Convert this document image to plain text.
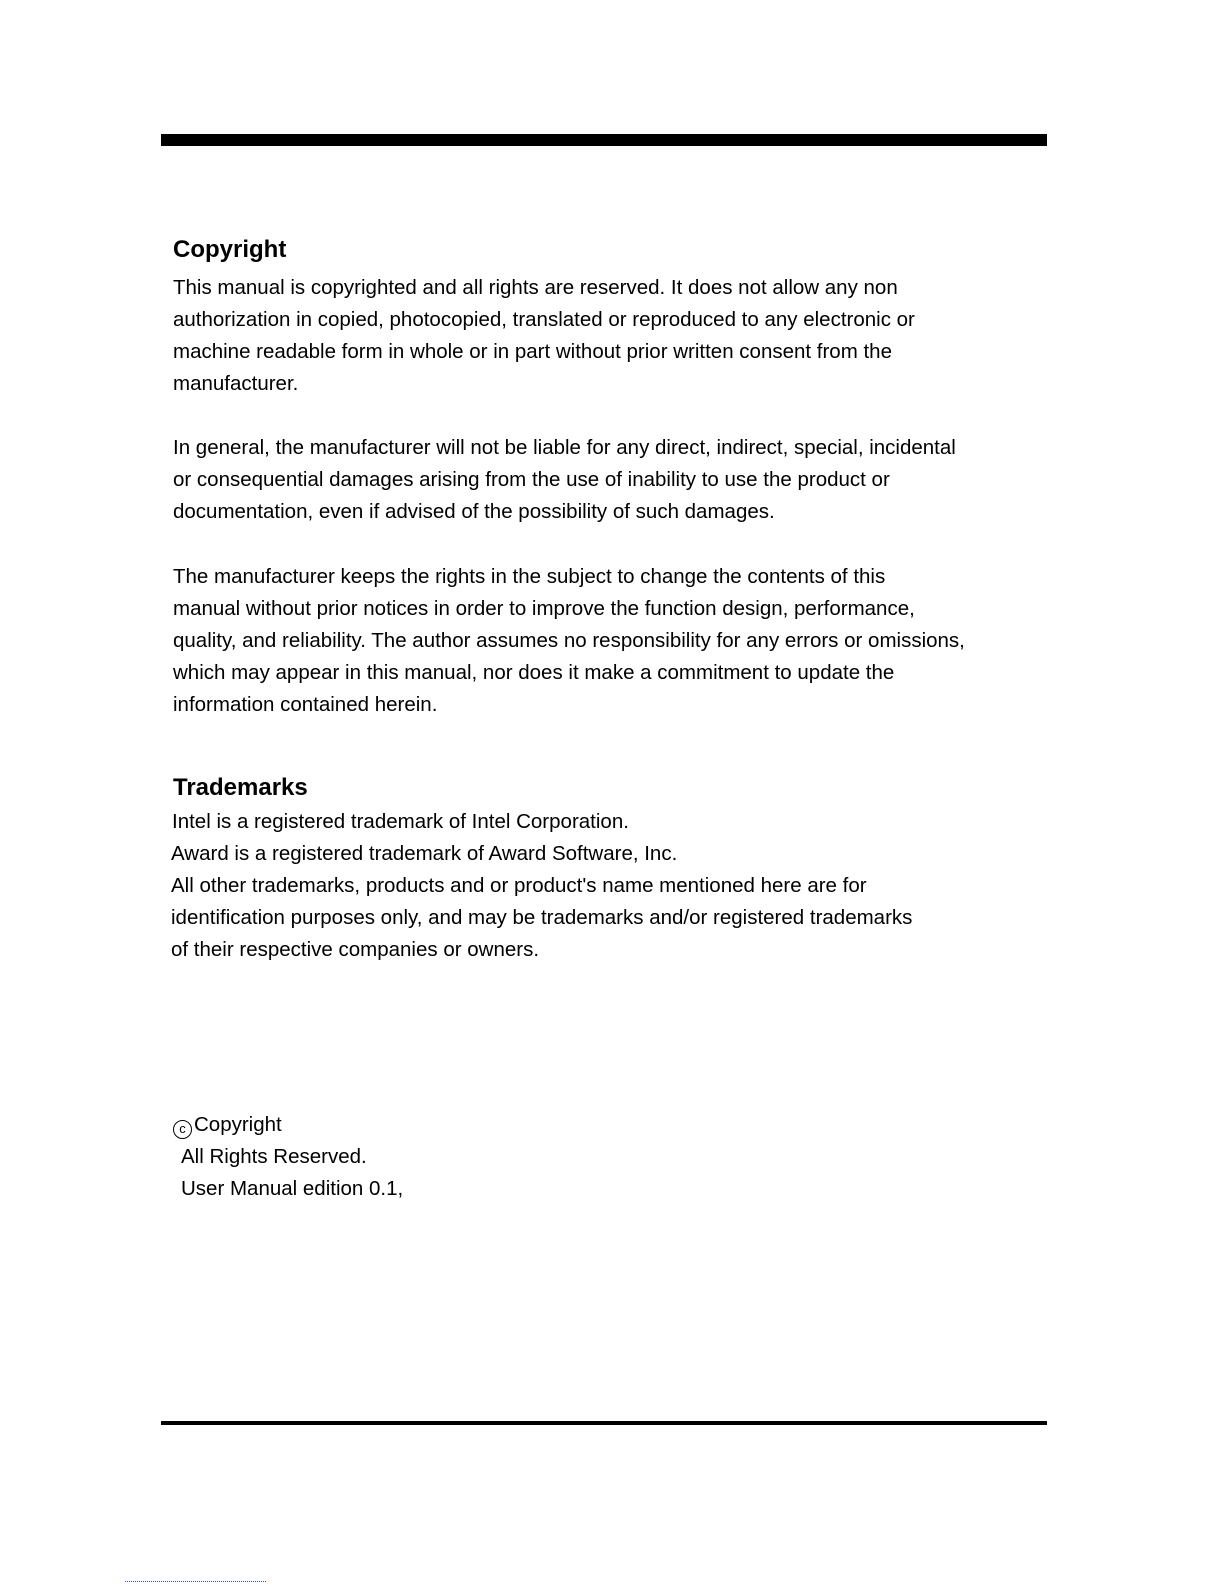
Copyright
This manual is copyrighted and all rights are reserved. It does not allow any non
authorization in copied, photocopied, translated or reproduced to any electronic or
machine readable form in whole or in part without prior written consent from the
manufacturer.
In general, the manufacturer will not be liable for any direct, indirect, special, incidental
or consequential damages arising from the use of inability to use the product or
documentation, even if advised of the possibility of such damages.
The manufacturer keeps the rights in the subject to change the contents of this
manual without prior notices in order to improve the function design, performance,
quality, and reliability. The author assumes no responsibility for any errors or omissions,
which may appear in this manual, nor does it make a commitment to update the
information contained herein.
Trademarks
Intel is a registered trademark of Intel Corporation.
Award is a registered trademark of Award Software, Inc.
All other trademarks, products and or product's name mentioned here are for
identification purposes only, and may be trademarks and/or registered trademarks
of their respective companies or owners.
c Copyright
All Rights Reserved.
User Manual edition 0.1,
